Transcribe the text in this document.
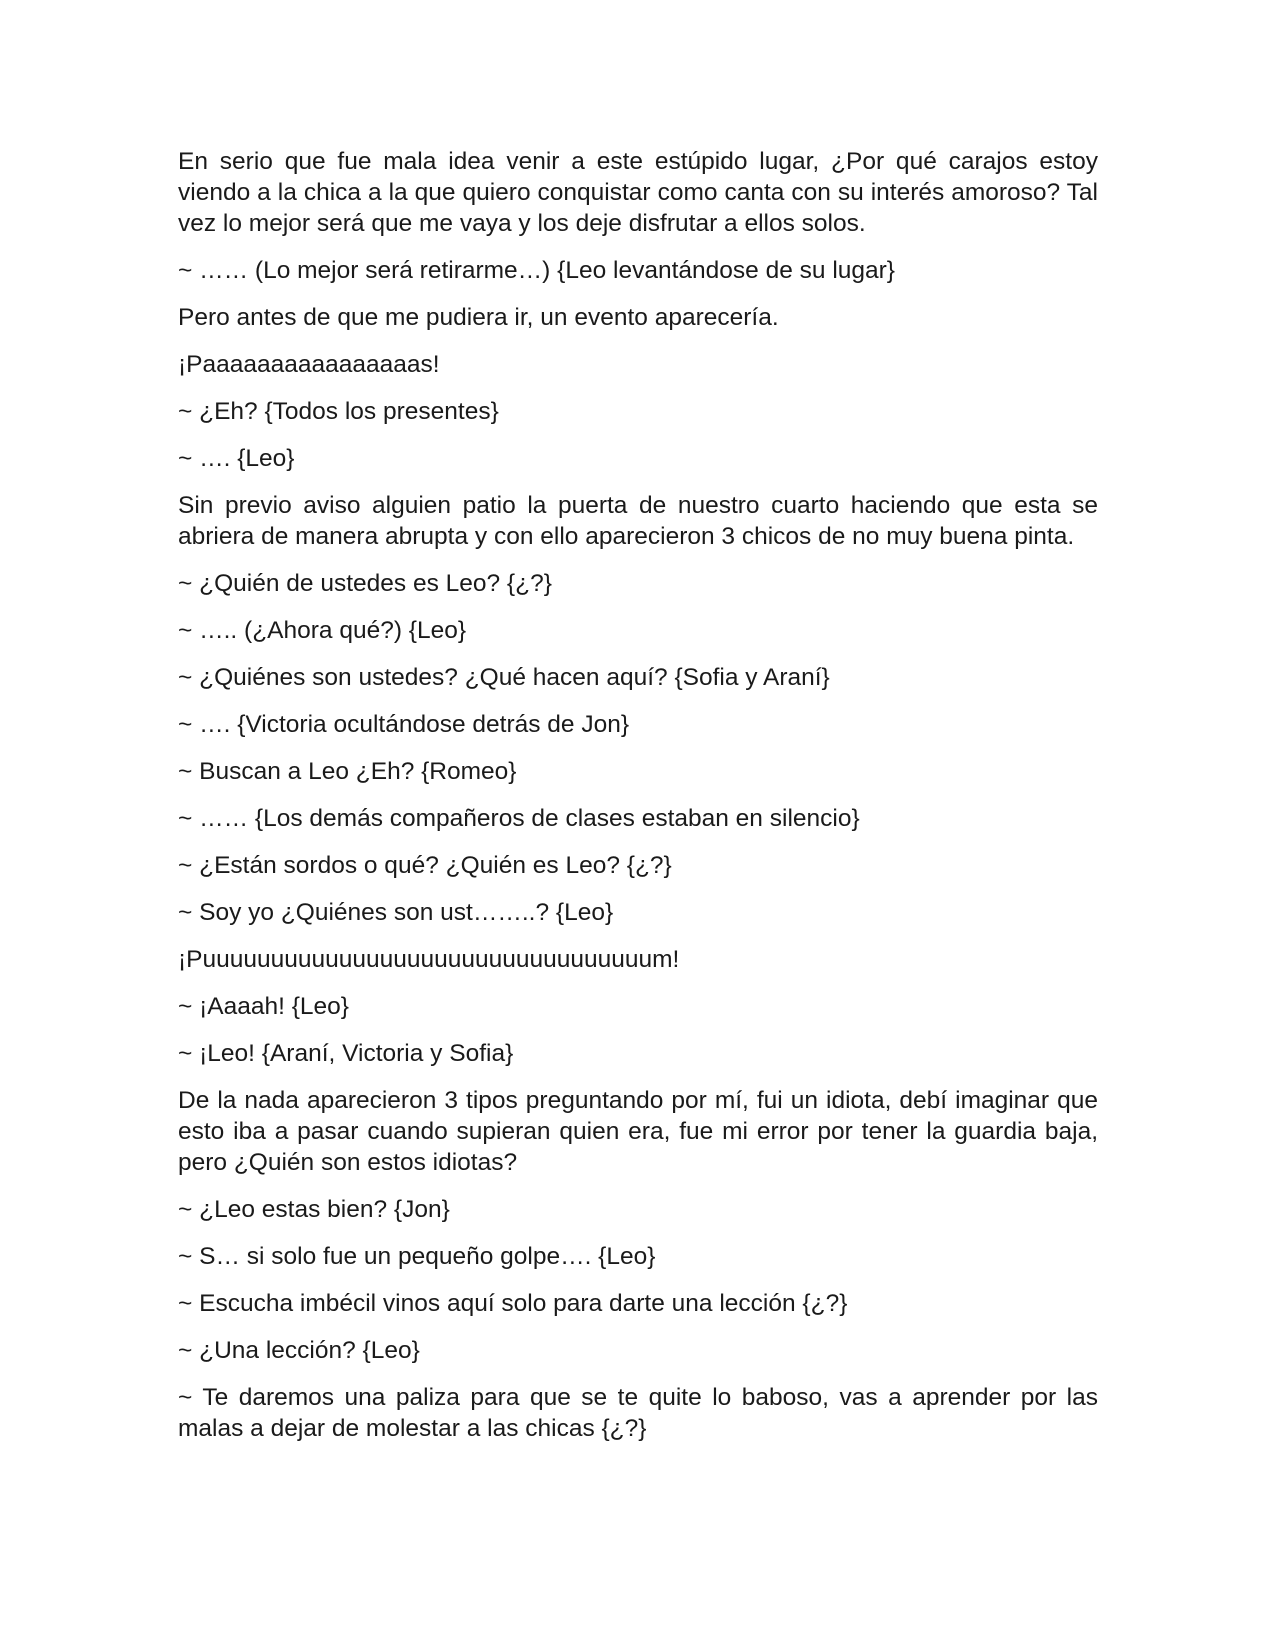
En serio que fue mala idea venir a este estúpido lugar, ¿Por qué carajos estoy viendo a la chica a la que quiero conquistar como canta con su interés amoroso? Tal vez lo mejor será que me vaya y los deje disfrutar a ellos solos.

~ …… (Lo mejor será retirarme…) {Leo levantándose de su lugar}

Pero antes de que me pudiera ir, un evento aparecería.

¡Paaaaaaaaaaaaaaaas!

~ ¿Eh? {Todos los presentes}

~ …. {Leo}

Sin previo aviso alguien patio la puerta de nuestro cuarto haciendo que esta se abriera de manera abrupta y con ello aparecieron 3 chicos de no muy buena pinta.

~ ¿Quién de ustedes es Leo? {¿?}

~ ….. (¿Ahora qué?) {Leo}

~ ¿Quiénes son ustedes? ¿Qué hacen aquí? {Sofia y Araní}

~ …. {Victoria ocultándose detrás de Jon}

~ Buscan a Leo ¿Eh? {Romeo}

~ …… {Los demás compañeros de clases estaban en silencio}

~ ¿Están sordos o qué? ¿Quién es Leo? {¿?}

~ Soy yo ¿Quiénes son ust……..? {Leo}

¡Puuuuuuuuuuuuuuuuuuuuuuuuuuuuuuuuum!

~ ¡Aaaah! {Leo}

~ ¡Leo! {Araní, Victoria y Sofia}

De la nada aparecieron 3 tipos preguntando por mí, fui un idiota, debí imaginar que esto iba a pasar cuando supieran quien era, fue mi error por tener la guardia baja, pero ¿Quién son estos idiotas?

~ ¿Leo estas bien? {Jon}

~ S… si solo fue un pequeño golpe…. {Leo}

~ Escucha imbécil vinos aquí solo para darte una lección {¿?}

~ ¿Una lección? {Leo}

~ Te daremos una paliza para que se te quite lo baboso, vas a aprender por las malas a dejar de molestar a las chicas {¿?}
